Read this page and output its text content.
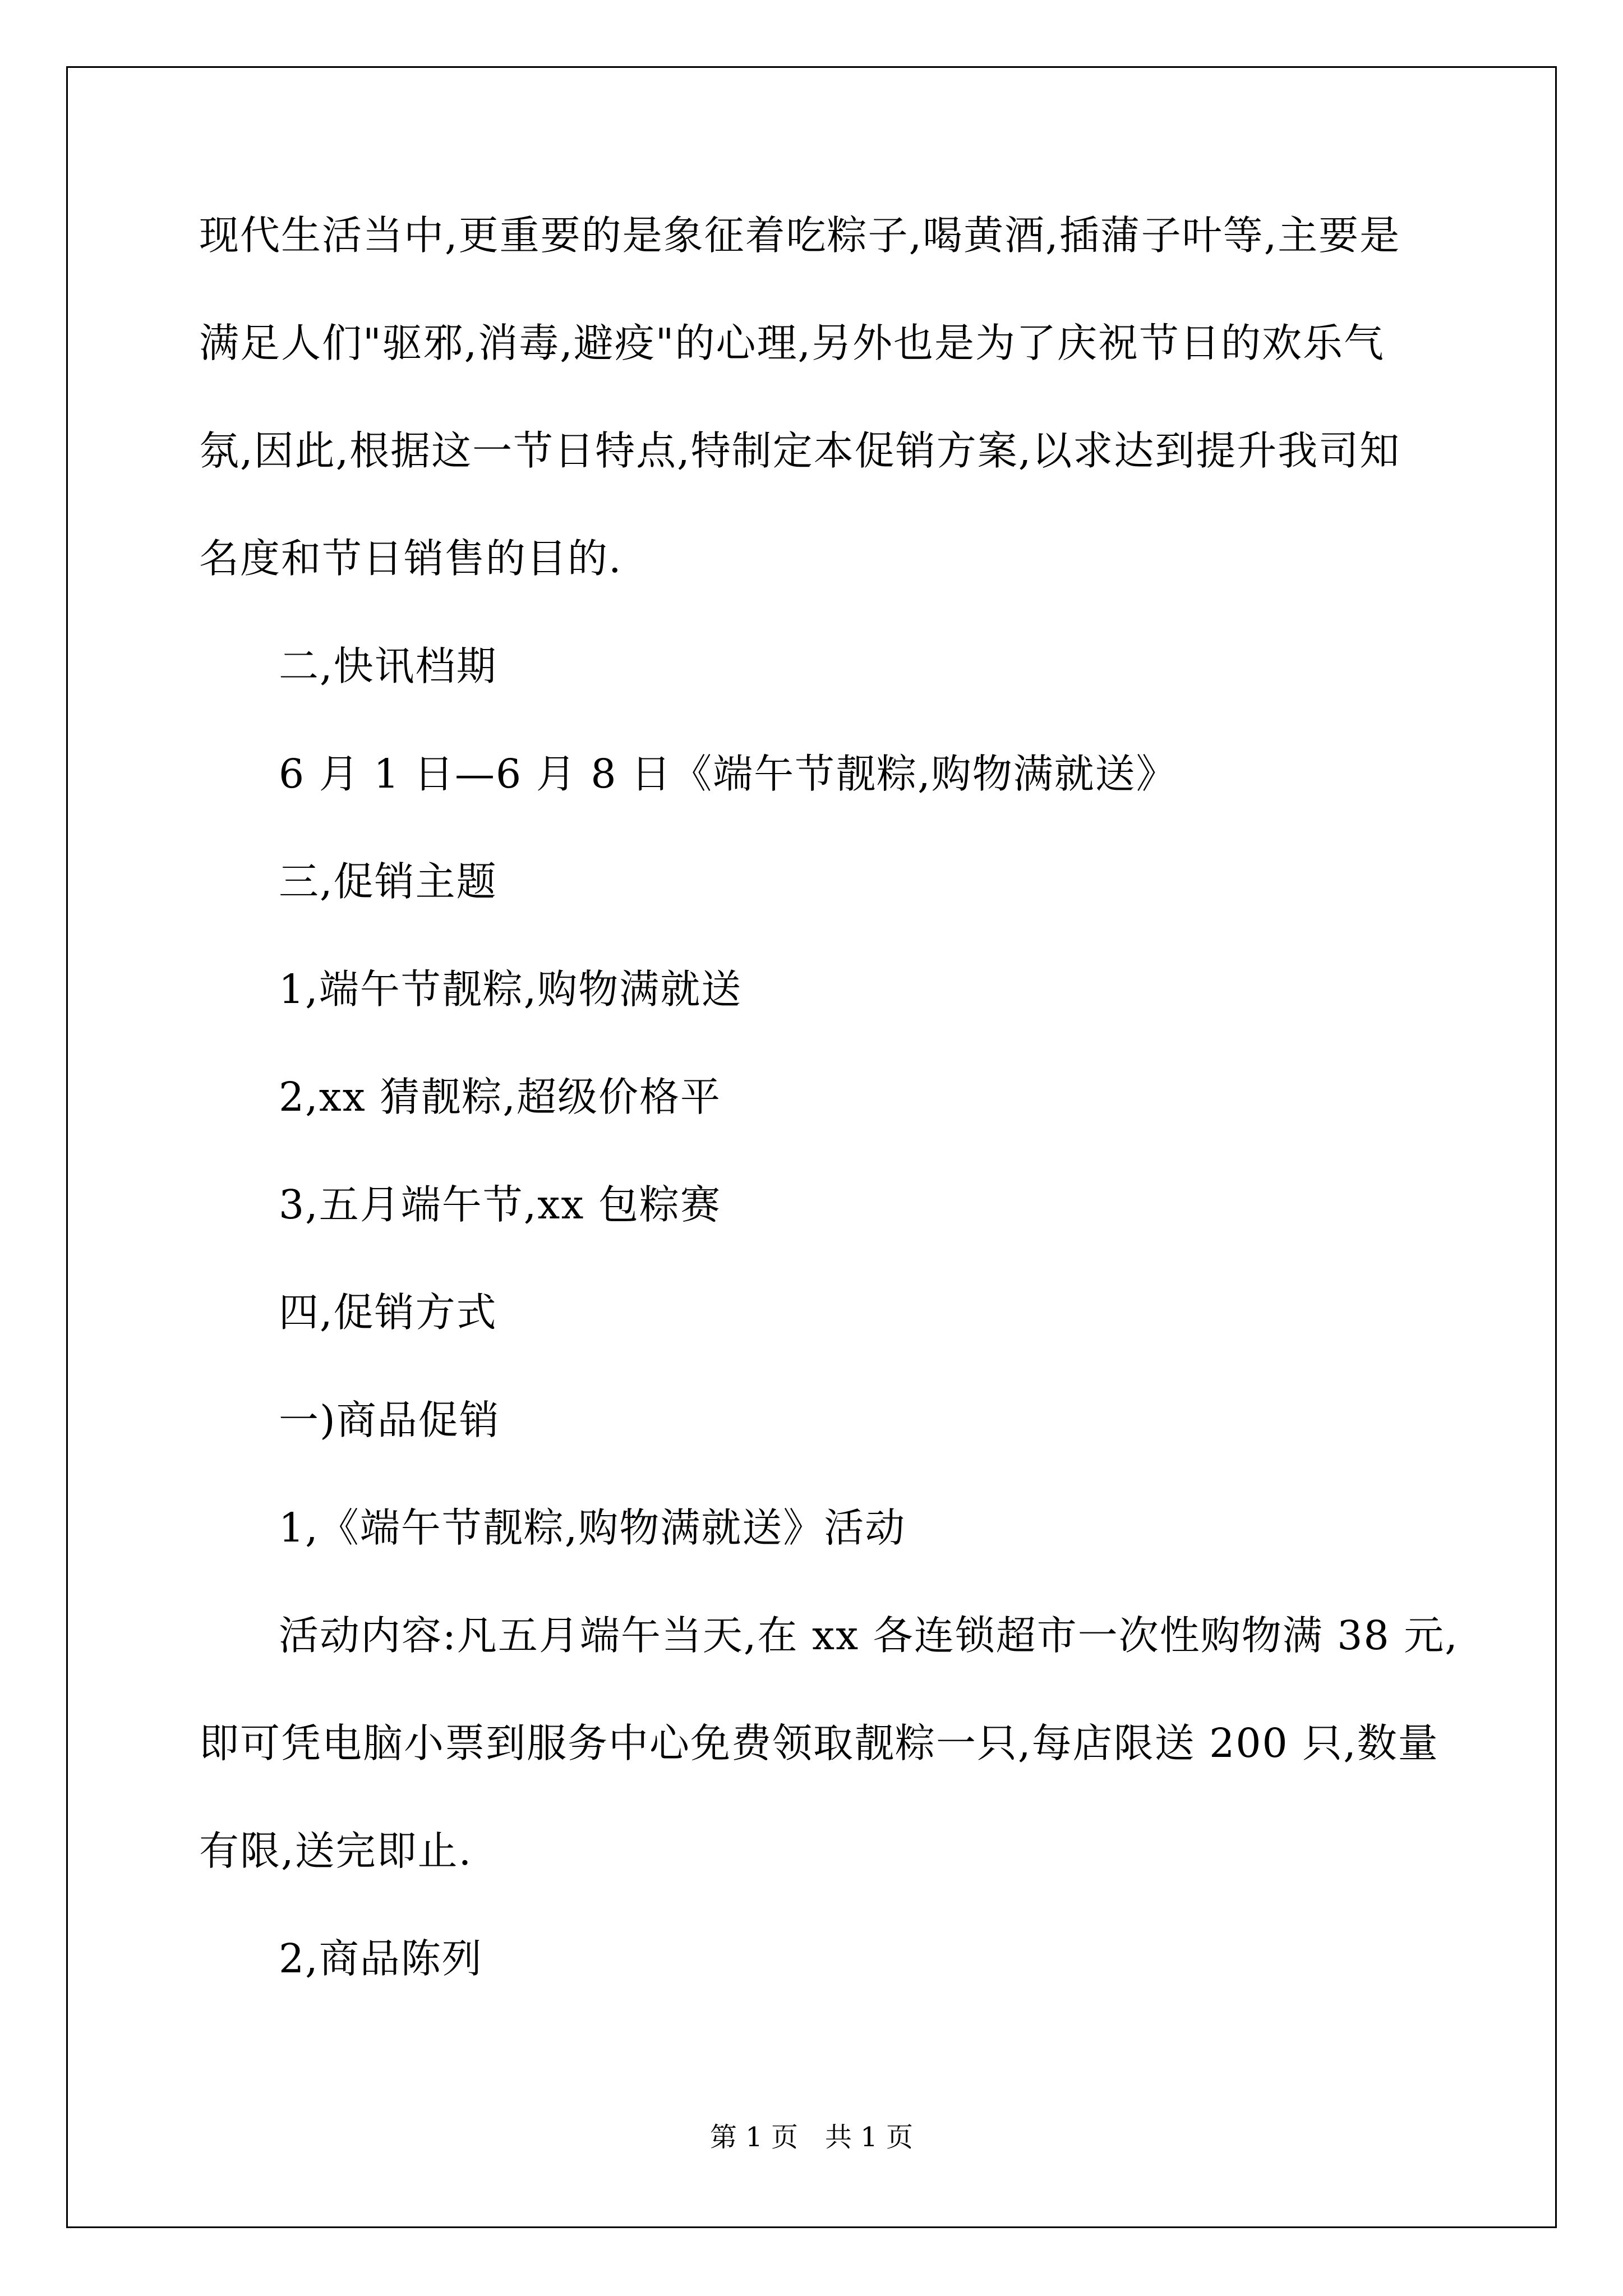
现代生活当中,更重要的是象征着吃粽子,喝黄酒,插蒲子叶等,主要是
满足人们"驱邪,消毒,避疫"的心理,另外也是为了庆祝节日的欢乐气
氛,因此,根据这一节日特点,特制定本促销方案,以求达到提升我司知
名度和节日销售的目的.
二,快讯档期
6 月 1 日—6 月 8 日《端午节靓粽,购物满就送》
三,促销主题
1,端午节靓粽,购物满就送
2,xx 猜靓粽,超级价格平
3,五月端午节,xx 包粽赛
四,促销方式
一)商品促销
1,《端午节靓粽,购物满就送》活动
活动内容:凡五月端午当天,在 xx 各连锁超市一次性购物满 38 元,
即可凭电脑小票到服务中心免费领取靓粽一只,每店限送 200 只,数量
有限,送完即止.
2,商品陈列
第 1 页 共 1 页
